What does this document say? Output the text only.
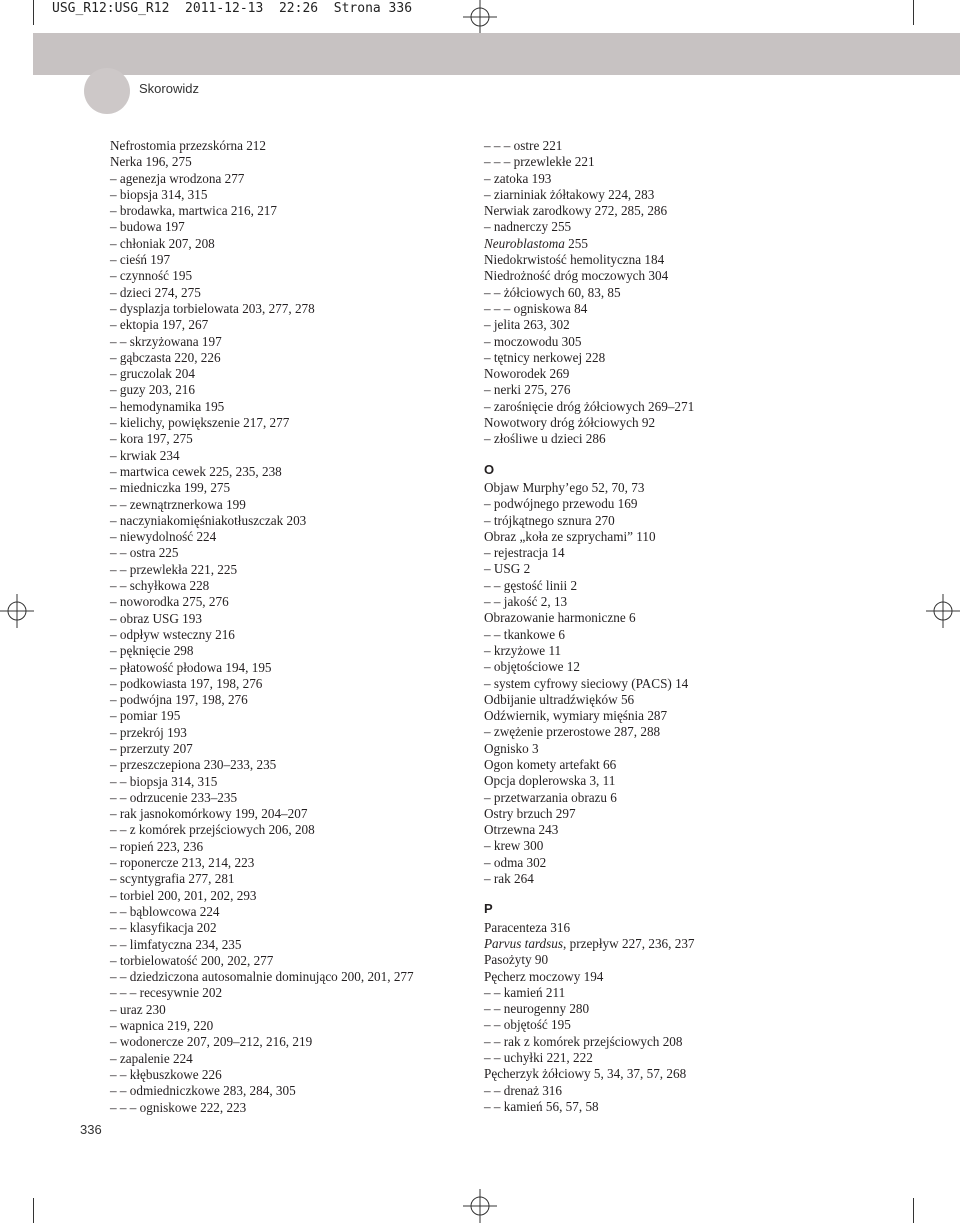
USG_R12:USG_R12  2011-12-13  22:26  Strona 336
Skorowidz
Nefrostomia przezskórna 212
Nerka 196, 275
– agenezja wrodzona 277
– biopsja 314, 315
– brodawka, martwica 216, 217
– budowa 197
– chłoniak 207, 208
– cieśń 197
– czynność 195
– dzieci 274, 275
– dysplazja torbielowata 203, 277, 278
– ektopia 197, 267
– – skrzyżowana 197
– gąbczasta 220, 226
– gruczolak 204
– guzy 203, 216
– hemodynamika 195
– kielichy, powiększenie 217, 277
– kora 197, 275
– krwiak 234
– martwica cewek 225, 235, 238
– miedniczka 199, 275
– – zewnątrznerkowa 199
– naczyniakomięśniakotłuszczak 203
– niewydolność 224
– – ostra 225
– – przewlekła 221, 225
– – schyłkowa 228
– noworodka 275, 276
– obraz USG 193
– odpływ wsteczny 216
– pęknięcie 298
– płatowość płodowa 194, 195
– podkowiasta 197, 198, 276
– podwójna 197, 198, 276
– pomiar 195
– przekrój 193
– przerzuty 207
– przeszczepiona 230–233, 235
– – biopsja 314, 315
– – odrzucenie 233–235
– rak jasnokomórkowy 199, 204–207
– – z komórek przejściowych 206, 208
– ropień 223, 236
– roponercze 213, 214, 223
– scyntygrafia 277, 281
– torbiel 200, 201, 202, 293
– – bąblowcowa 224
– – klasyfikacja 202
– – limfatyczna 234, 235
– torbielowatość 200, 202, 277
– – dziedziczona autosomalnie dominująco 200, 201, 277
– – – recesywnie 202
– uraz 230
– wapnica 219, 220
– wodonercze 207, 209–212, 216, 219
– zapalenie 224
– – kłębuszkowe 226
– – odmiedniczkowe 283, 284, 305
– – – ogniskowe 222, 223
– – – ostre 221
– – – przewlekłe 221
– zatoka 193
– ziarniniak żółtakowy 224, 283
Nerwiak zarodkowy 272, 285, 286
– nadnerczy 255
Neuroblastoma 255
Niedokrwistość hemolityczna 184
Niedrożność dróg moczowych 304
– – żółciowych 60, 83, 85
– – – ogniskowa 84
– jelita 263, 302
– moczowodu 305
– tętnicy nerkowej 228
Noworodek 269
– nerki 275, 276
– zarośnięcie dróg żółciowych 269–271
Nowotwory dróg żółciowych 92
– złośliwe u dzieci 286
O
Objaw Murphy’ego 52, 70, 73
– podwójnego przewodu 169
– trójkątnego sznura 270
Obraz „koła ze szprychami” 110
– rejestracja 14
– USG 2
– – gęstość linii 2
– – jakość 2, 13
Obrazowanie harmoniczne 6
– – tkankowe 6
– krzyżowe 11
– objętościowe 12
– system cyfrowy sieciowy (PACS) 14
Odbijanie ultradźwięków 56
Odźwiernik, wymiary mięśnia 287
– zwężenie przerostowe 287, 288
Ognisko 3
Ogon komety artefakt 66
Opcja doplerowska 3, 11
– przetwarzania obrazu 6
Ostry brzuch 297
Otrzewna 243
– krew 300
– odma 302
– rak 264
P
Paracenteza 316
Parvus tardsus, przepływ 227, 236, 237
Pasożyty 90
Pęcherz moczowy 194
– – kamień 211
– – neurogenny 280
– – objętość 195
– – rak z komórek przejściowych 208
– – uchyłki 221, 222
Pęcherzyk żółciowy 5, 34, 37, 57, 268
– – drenaż 316
– – kamień 56, 57, 58
336
